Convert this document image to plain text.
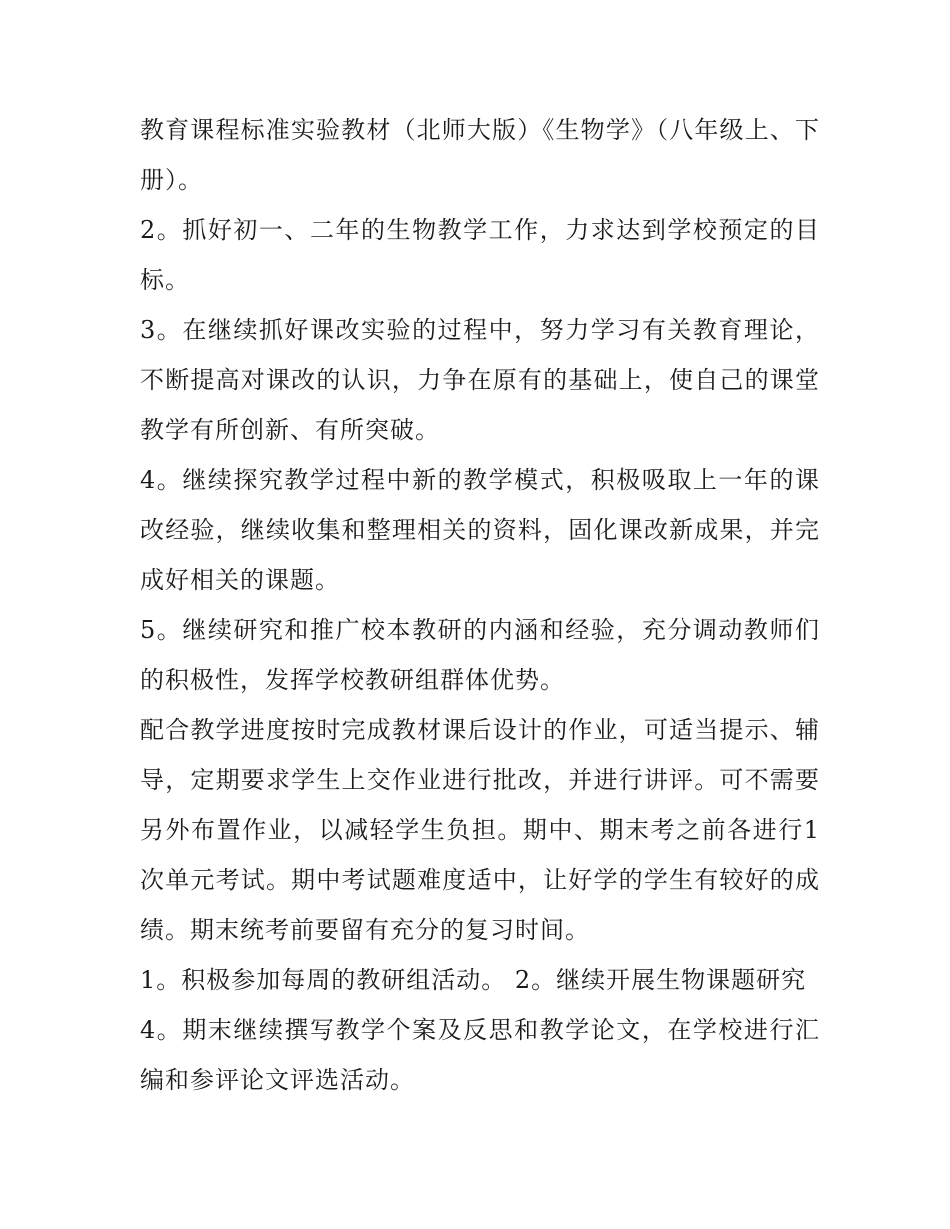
教育课程标准实验教材（北师大版）《生物学》（八年级上、下册）。

2。抓好初一、二年的生物教学工作，力求达到学校预定的目标。

3。在继续抓好课改实验的过程中，努力学习有关教育理论，不断提高对课改的认识，力争在原有的基础上，使自己的课堂教学有所创新、有所突破。

4。继续探究教学过程中新的教学模式，积极吸取上一年的课改经验，继续收集和整理相关的资料，固化课改新成果，并完成好相关的课题。

5。继续研究和推广校本教研的内涵和经验，充分调动教师们的积极性，发挥学校教研组群体优势。

配合教学进度按时完成教材课后设计的作业，可适当提示、辅导，定期要求学生上交作业进行批改，并进行讲评。可不需要另外布置作业，以减轻学生负担。期中、期末考之前各进行1次单元考试。期中考试题难度适中，让好学的学生有较好的成绩。期末统考前要留有充分的复习时间。

1。积极参加每周的教研组活动。 2。继续开展生物课题研究

4。期末继续撰写教学个案及反思和教学论文，在学校进行汇编和参评论文评选活动。
